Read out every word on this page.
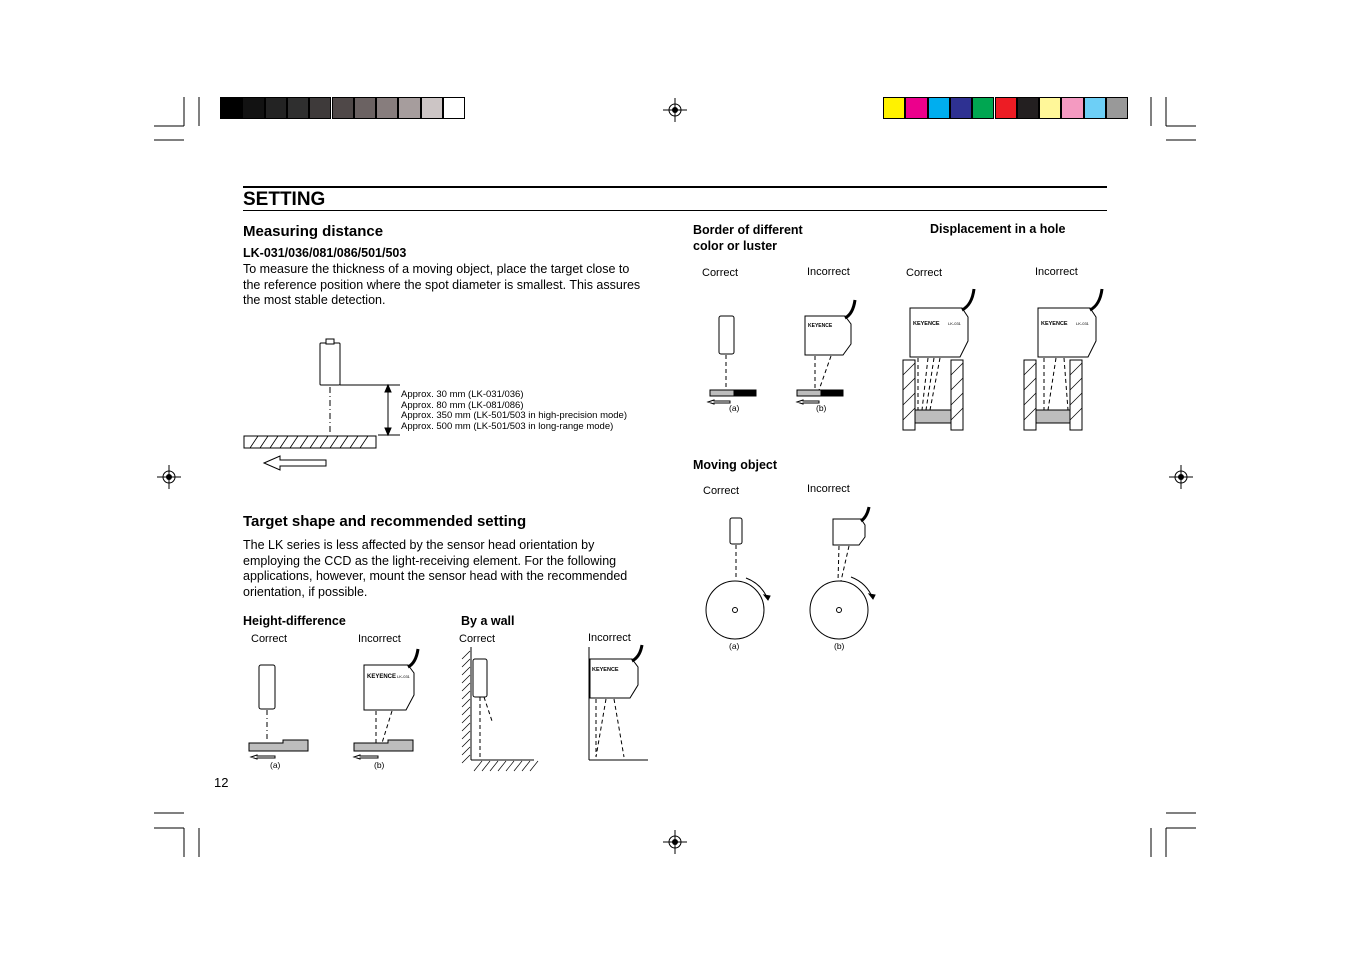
SETTING
Measuring distance
LK-031/036/081/086/501/503
To measure the thickness of a moving object, place the target close to
the reference position where the spot diameter is smallest. This assures
the most stable detection.
Approx. 30 mm (LK-031/036)
Approx. 80 mm (LK-081/086)
Approx. 350 mm (LK-501/503 in high-precision mode)
Approx. 500 mm (LK-501/503 in long-range mode)
Target shape and recommended setting
The LK series is less affected by the sensor head orientation by
employing the CCD as the light-receiving element. For the following
applications, however, mount the sensor head with the recommended
orientation, if possible.
Height-difference
Correct	Incorrect
(a)
KEYENCE LK-031
(b)
By a wall
Correct	Incorrect
KEYENCE
Border of different
color or luster
Displacement in a hole
Correct	Incorrect	Correct	Incorrect
(a)
KEYENCE
(b)
KEYENCE LK-031	KEYENCE LK-031
Moving object
Correct	Incorrect
(a)	(b)
12
